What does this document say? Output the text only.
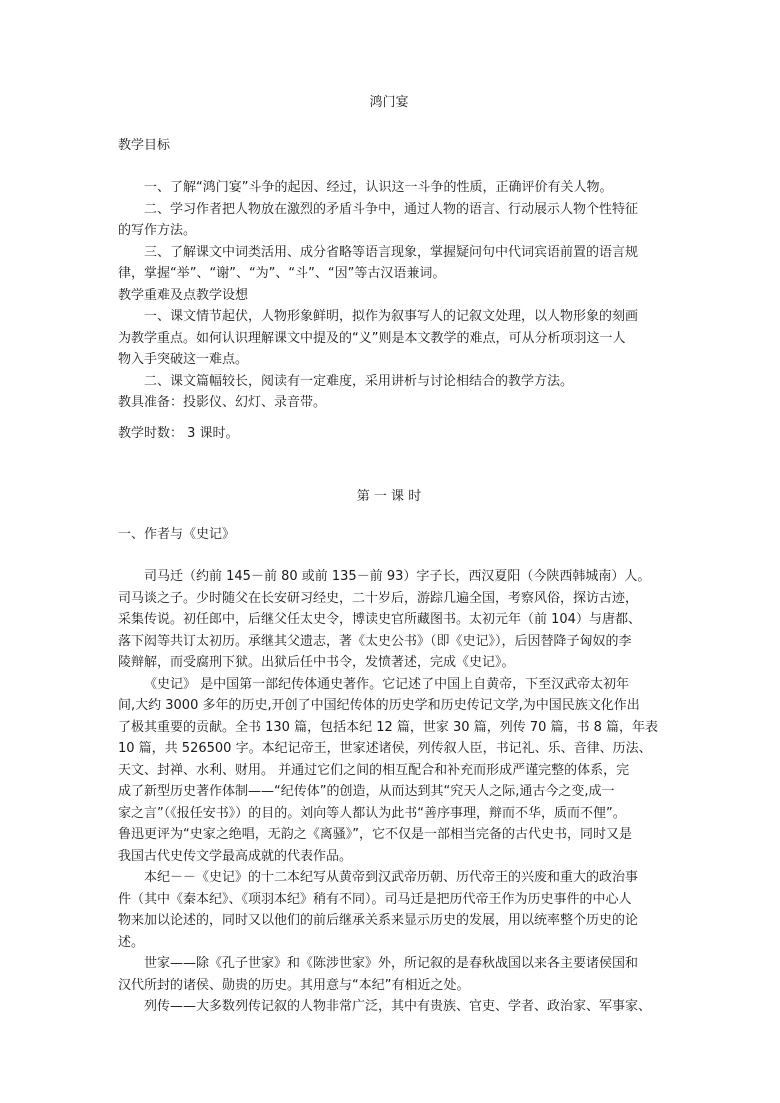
鸿门宴
教学目标
一、了解“鸿门宴”斗争的起因、经过，认识这一斗争的性质，正确评价有关人物。
二、学习作者把人物放在激烈的矛盾斗争中，通过人物的语言、行动展示人物个性特征
的写作方法。
三、了解课文中词类活用、成分省略等语言现象，掌握疑问句中代词宾语前置的语言规
律，掌握“举”、“谢”、“为”、“斗”、“因”等古汉语兼词。
教学重难及点教学设想
一、课文情节起伏，人物形象鲜明，拟作为叙事写人的记叙文处理，以人物形象的刻画
为教学重点。如何认识理解课文中提及的“义”则是本文教学的难点，可从分析项羽这一人
物入手突破这一难点。
二、课文篇幅较长，阅读有一定难度，采用讲析与讨论相结合的教学方法。
教具准备：投影仪、幻灯、录音带。
教学时数： 3 课时。
第 一 课 时
一、作者与《史记》
司马迁（约前 145－前 80 或前 135－前 93）字子长，西汉夏阳（今陕西韩城南）人。
司马谈之子。少时随父在长安研习经史，二十岁后，游踪几遍全国，考察风俗，探访古迹，
采集传说。初任郎中，后继父任太史令，博读史官所藏图书。太初元年（前 104）与唐都、
落下闳等共订太初历。承继其父遗志，著《太史公书》（即《史记》），后因替降子匈奴的李
陵辩解，而受腐刑下狱。出狱后任中书令，发愤著述，完成《史记》。
《史记》 是中国第一部纪传体通史著作。它记述了中国上自黄帝，下至汉武帝太初年
间,大约 3000 多年的历史,开创了中国纪传体的历史学和历史传记文学,为中国民族文化作出
了极其重要的贡献。全书 130 篇，包括本纪 12 篇，世家 30 篇，列传 70 篇，书 8 篇，年表
10 篇，共 526500 字。本纪记帝王，世家述诸侯，列传叙人臣，书记礼、乐、音律、历法、
天文、封禅、水利、财用。 并通过它们之间的相互配合和补充而形成严谨完整的体系，完
成了新型历史著作体制——“纪传体”的创造，从而达到其“究天人之际,通古今之变,成一
家之言”（《报任安书》）的目的。刘向等人都认为此书“善序事理，辩而不华，质而不俚”。
鲁迅更评为“史家之绝唱，无韵之《离骚》”，它不仅是一部相当完备的古代史书，同时又是
我国古代史传文学最高成就的代表作品。
本纪－－《史记》的十二本纪写从黄帝到汉武帝历朝、历代帝王的兴废和重大的政治事
件（其中《秦本纪》、《项羽本纪》稍有不同）。司马迁是把历代帝王作为历史事件的中心人
物来加以论述的，同时又以他们的前后继承关系来显示历史的发展，用以统率整个历史的论
述。
世家——除《孔子世家》和《陈涉世家》外，所记叙的是春秋战国以来各主要诸侯国和
汉代所封的诸侯、勋贵的历史。其用意与“本纪”有相近之处。
列传——大多数列传记叙的人物非常广泛，其中有贵族、官吏、学者、政治家、军事家、
